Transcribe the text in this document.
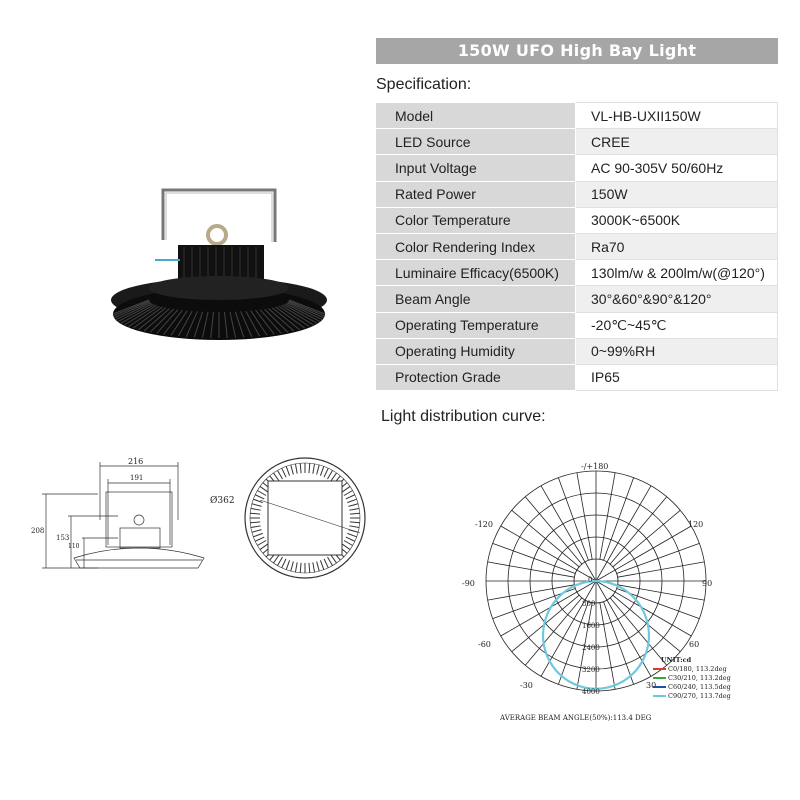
150W UFO High Bay Light
Specification:
Model	VL-HB-UXII150W
LED Source	CREE
Input Voltage	AC 90-305V 50/60Hz
Rated Power	150W
Color Temperature	3000K~6500K
Color Rendering Index	Ra70
Luminaire Efficacy(6500K)	130lm/w & 200lm/w(@120°)
Beam Angle	30°&60°&90°&120°
Operating Temperature	-20℃~45℃
Operating Humidity	0~99%RH
Protection Grade	IP65
Light distribution curve:
216
191
208
153
110
Ø362
-/+180
-120	120
-90	90
-60	60
-30	30
0
800
1600
2400
3200
4000
UNIT:cd
C0/180, 113.2deg
C30/210, 113.2deg
C60/240, 113.5deg
C90/270, 113.7deg
AVERAGE BEAM ANGLE(50%):113.4 DEG
